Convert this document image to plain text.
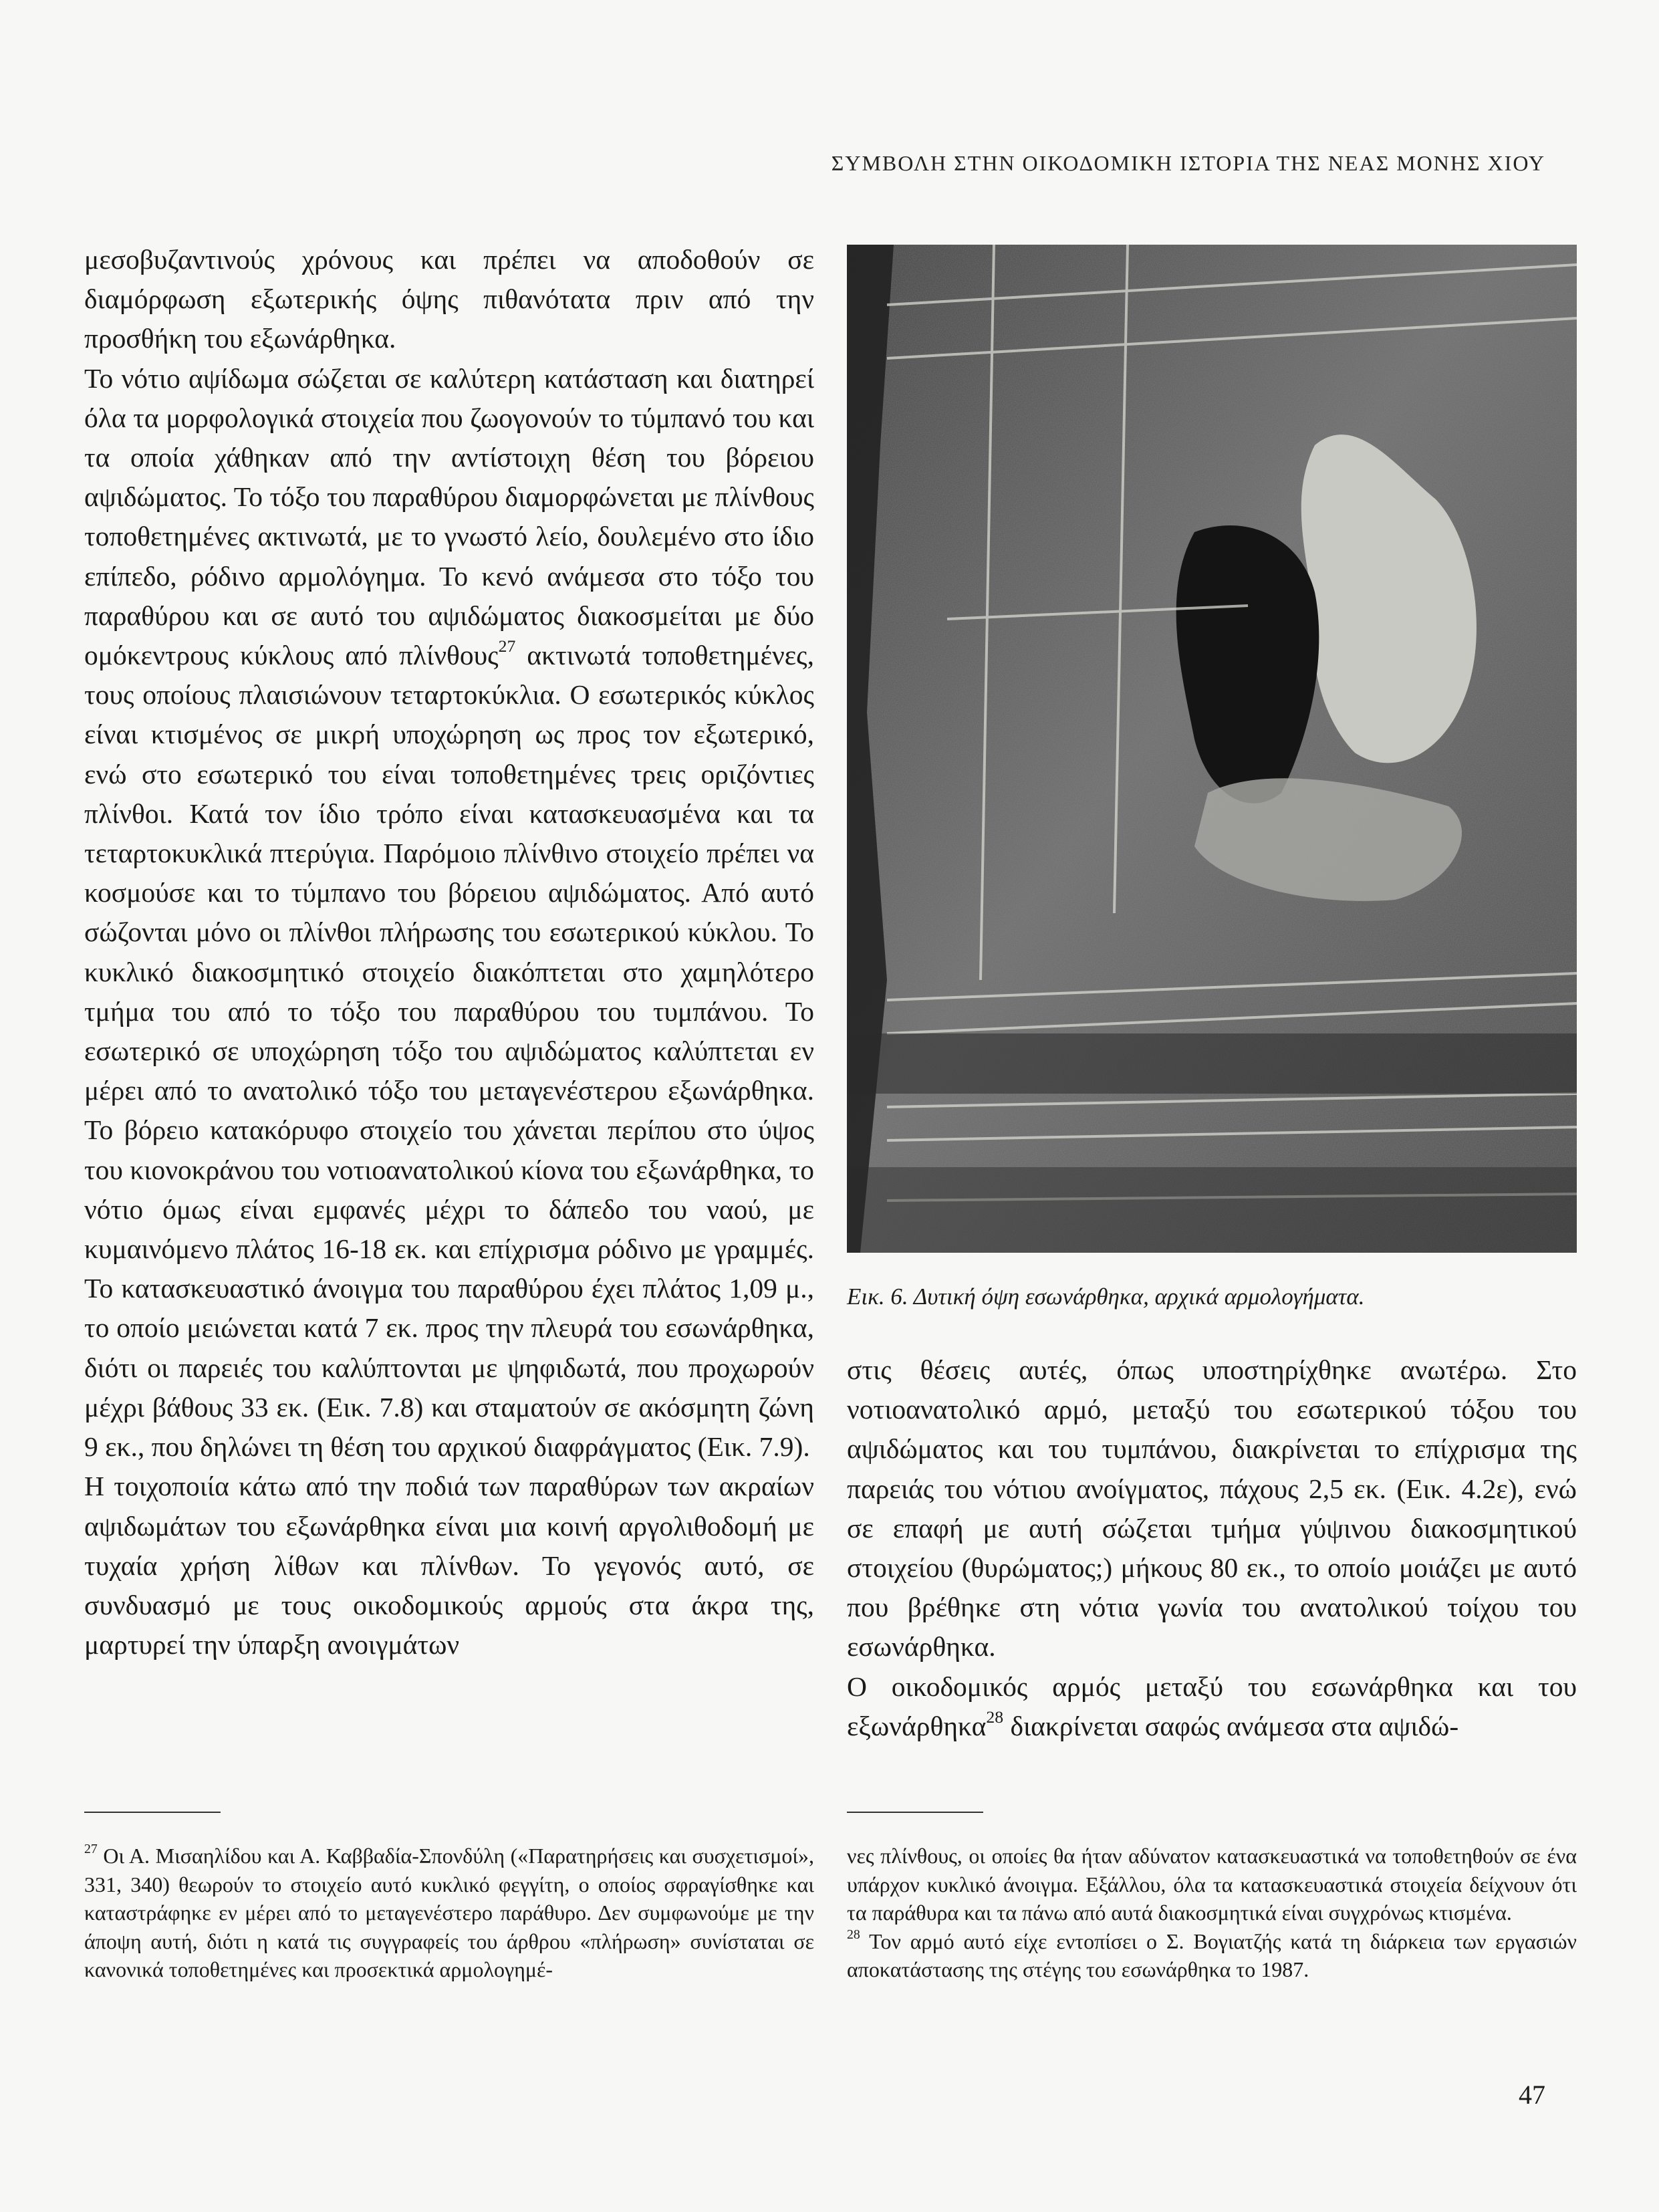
ΣΥΜΒΟΛΗ ΣΤΗΝ ΟΙΚΟΔΟΜΙΚΗ ΙΣΤΟΡΙΑ ΤΗΣ ΝΕΑΣ ΜΟΝΗΣ ΧΙΟΥ

μεσοβυζαντινούς χρόνους και πρέπει να αποδοθούν σε διαμόρφωση εξωτερικής όψης πιθανότατα πριν από την προσθήκη του εξωνάρθηκα.

Το νότιο αψίδωμα σώζεται σε καλύτερη κατάσταση και διατηρεί όλα τα μορφολογικά στοιχεία που ζωογονούν το τύμπανό του και τα οποία χάθηκαν από την αντίστοιχη θέση του βόρειου αψιδώματος. Το τόξο του παραθύρου διαμορφώνεται με πλίνθους τοποθετημένες ακτινωτά, με το γνωστό λείο, δουλεμένο στο ίδιο επίπεδο, ρόδινο αρμολόγημα. Το κενό ανάμεσα στο τόξο του παραθύρου και σε αυτό του αψιδώματος διακοσμείται με δύο ομόκεντρους κύκλους από πλίνθους$^{27}$ ακτινωτά τοποθετημένες, τους οποίους πλαισιώνουν τεταρτοκύκλια. Ο εσωτερικός κύκλος είναι κτισμένος σε μικρή υποχώρηση ως προς τον εξωτερικό, ενώ στο εσωτερικό του είναι τοποθετημένες τρεις οριζόντιες πλίνθοι. Κατά τον ίδιο τρόπο είναι κατασκευασμένα και τα τεταρτοκυκλικά πτερύγια. Παρόμοιο πλίνθινο στοιχείο πρέπει να κοσμούσε και το τύμπανο του βόρειου αψιδώματος. Από αυτό σώζονται μόνο οι πλίνθοι πλήρωσης του εσωτερικού κύκλου. Το κυκλικό διακοσμητικό στοιχείο διακόπτεται στο χαμηλότερο τμήμα του από το τόξο του παραθύρου του τυμπάνου. Το εσωτερικό σε υποχώρηση τόξο του αψιδώματος καλύπτεται εν μέρει από το ανατολικό τόξο του μεταγενέστερου εξωνάρθηκα. Το βόρειο κατακόρυφο στοιχείο του χάνεται περίπου στο ύψος του κιονοκράνου του νοτιοανατολικού κίονα του εξωνάρθηκα, το νότιο όμως είναι εμφανές μέχρι το δάπεδο του ναού, με κυμαινόμενο πλάτος 16-18 εκ. και επίχρισμα ρόδινο με γραμμές. Το κατασκευαστικό άνοιγμα του παραθύρου έχει πλάτος 1,09 μ., το οποίο μειώνεται κατά 7 εκ. προς την πλευρά του εσωνάρθηκα, διότι οι παρειές του καλύπτονται με ψηφιδωτά, που προχωρούν μέχρι βάθους 33 εκ. (Εικ. 7.8) και σταματούν σε ακόσμητη ζώνη 9 εκ., που δηλώνει τη θέση του αρχικού διαφράγματος (Εικ. 7.9).

Η τοιχοποιία κάτω από την ποδιά των παραθύρων των ακραίων αψιδωμάτων του εξωνάρθηκα είναι μια κοινή αργολιθοδομή με τυχαία χρήση λίθων και πλίνθων. Το γεγονός αυτό, σε συνδυασμό με τους οικοδομικούς αρμούς στα άκρα της, μαρτυρεί την ύπαρξη ανοιγμάτων

Εικ. 6. Δυτική όψη εσωνάρθηκα, αρχικά αρμολογήματα.

στις θέσεις αυτές, όπως υποστηρίχθηκε ανωτέρω. Στο νοτιοανατολικό αρμό, μεταξύ του εσωτερικού τόξου του αψιδώματος και του τυμπάνου, διακρίνεται το επίχρισμα της παρειάς του νότιου ανοίγματος, πάχους 2,5 εκ. (Εικ. 4.2ε), ενώ σε επαφή με αυτή σώζεται τμήμα γύψινου διακοσμητικού στοιχείου (θυρώματος;) μήκους 80 εκ., το οποίο μοιάζει με αυτό που βρέθηκε στη νότια γωνία του ανατολικού τοίχου του εσωνάρθηκα.

Ο οικοδομικός αρμός μεταξύ του εσωνάρθηκα και του εξωνάρθηκα$^{28}$ διακρίνεται σαφώς ανάμεσα στα αψιδώ-

$^{27}$ Οι Α. Μισαηλίδου και Α. Καββαδία-Σπονδύλη («Παρατηρήσεις και συσχετισμοί», 331, 340) θεωρούν το στοιχείο αυτό κυκλικό φεγγίτη, ο οποίος σφραγίσθηκε και καταστράφηκε εν μέρει από το μεταγενέστερο παράθυρο. Δεν συμφωνούμε με την άποψη αυτή, διότι η κατά τις συγγραφείς του άρθρου «πλήρωση» συνίσταται σε κανονικά τοποθετημένες και προσεκτικά αρμολογημέ-

νες πλίνθους, οι οποίες θα ήταν αδύνατον κατασκευαστικά να τοποθετηθούν σε ένα υπάρχον κυκλικό άνοιγμα. Εξάλλου, όλα τα κατασκευαστικά στοιχεία δείχνουν ότι τα παράθυρα και τα πάνω από αυτά διακοσμητικά είναι συγχρόνως κτισμένα.

$^{28}$ Τον αρμό αυτό είχε εντοπίσει ο Σ. Βογιατζής κατά τη διάρκεια των εργασιών αποκατάστασης της στέγης του εσωνάρθηκα το 1987.

47
